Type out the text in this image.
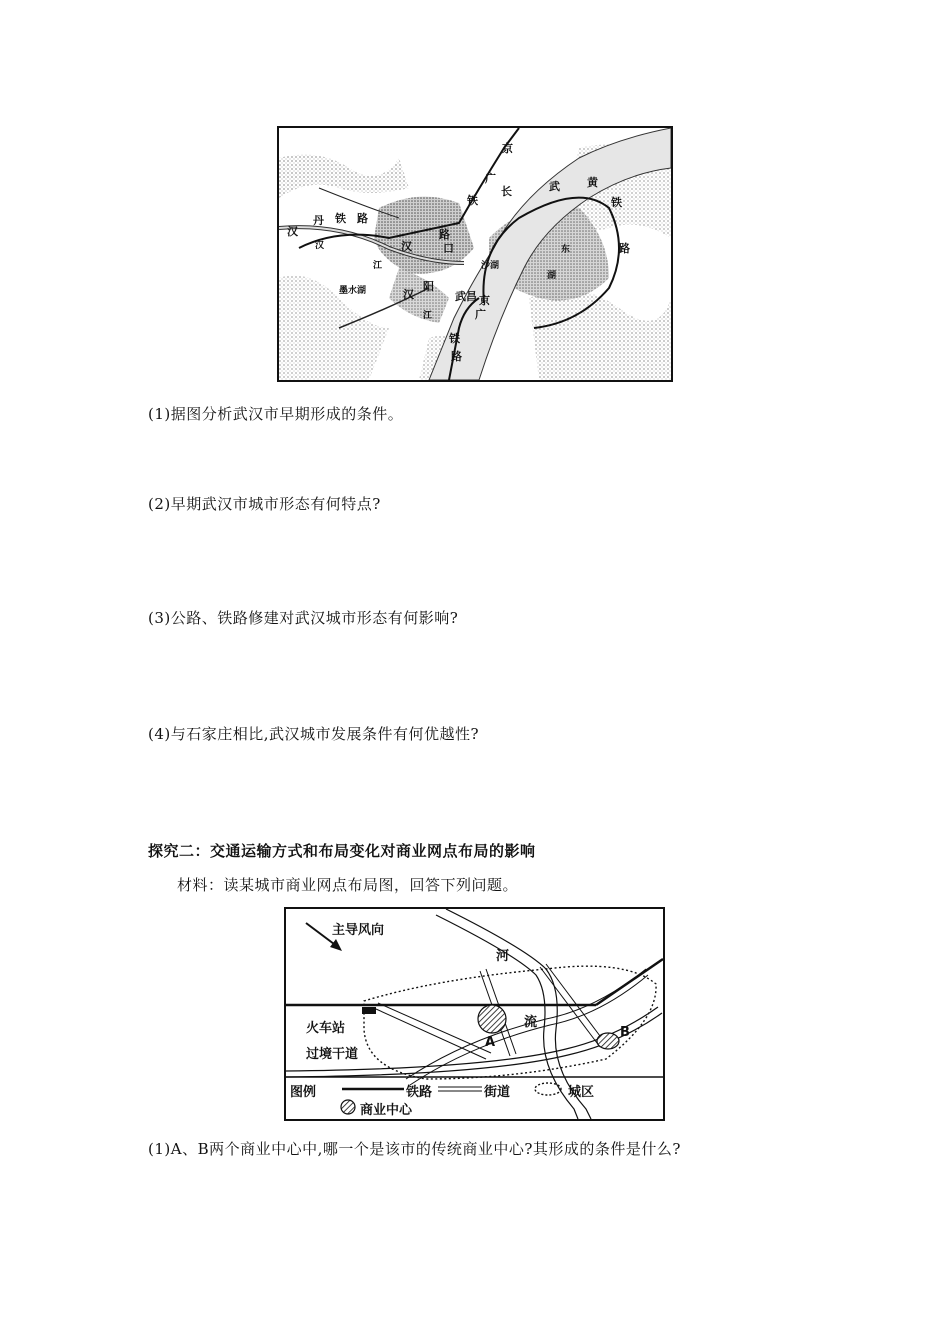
京
广
铁
长	武 黄
铁
汉
丹 铁 路
汉	汉
路
口
沙湖
东
湖
路
江
阳
墨水湖	汉	武昌 京
广
江
铁
路
(1)据图分析武汉市早期形成的条件。
(2)早期武汉市城市形态有何特点?
(3)公路、铁路修建对武汉城市形态有何影响?
(4)与石家庄相比,武汉城市发展条件有何优越性?
探究二：交通运输方式和布局变化对商业网点布局的影响
材料：读某城市商业网点布局图，回答下列问题。
主导风向
河
流
火车站
过境干道
A
B
图例	铁路	街道	城区
商业中心
(1)A、B两个商业中心中,哪一个是该市的传统商业中心?其形成的条件是什么?
